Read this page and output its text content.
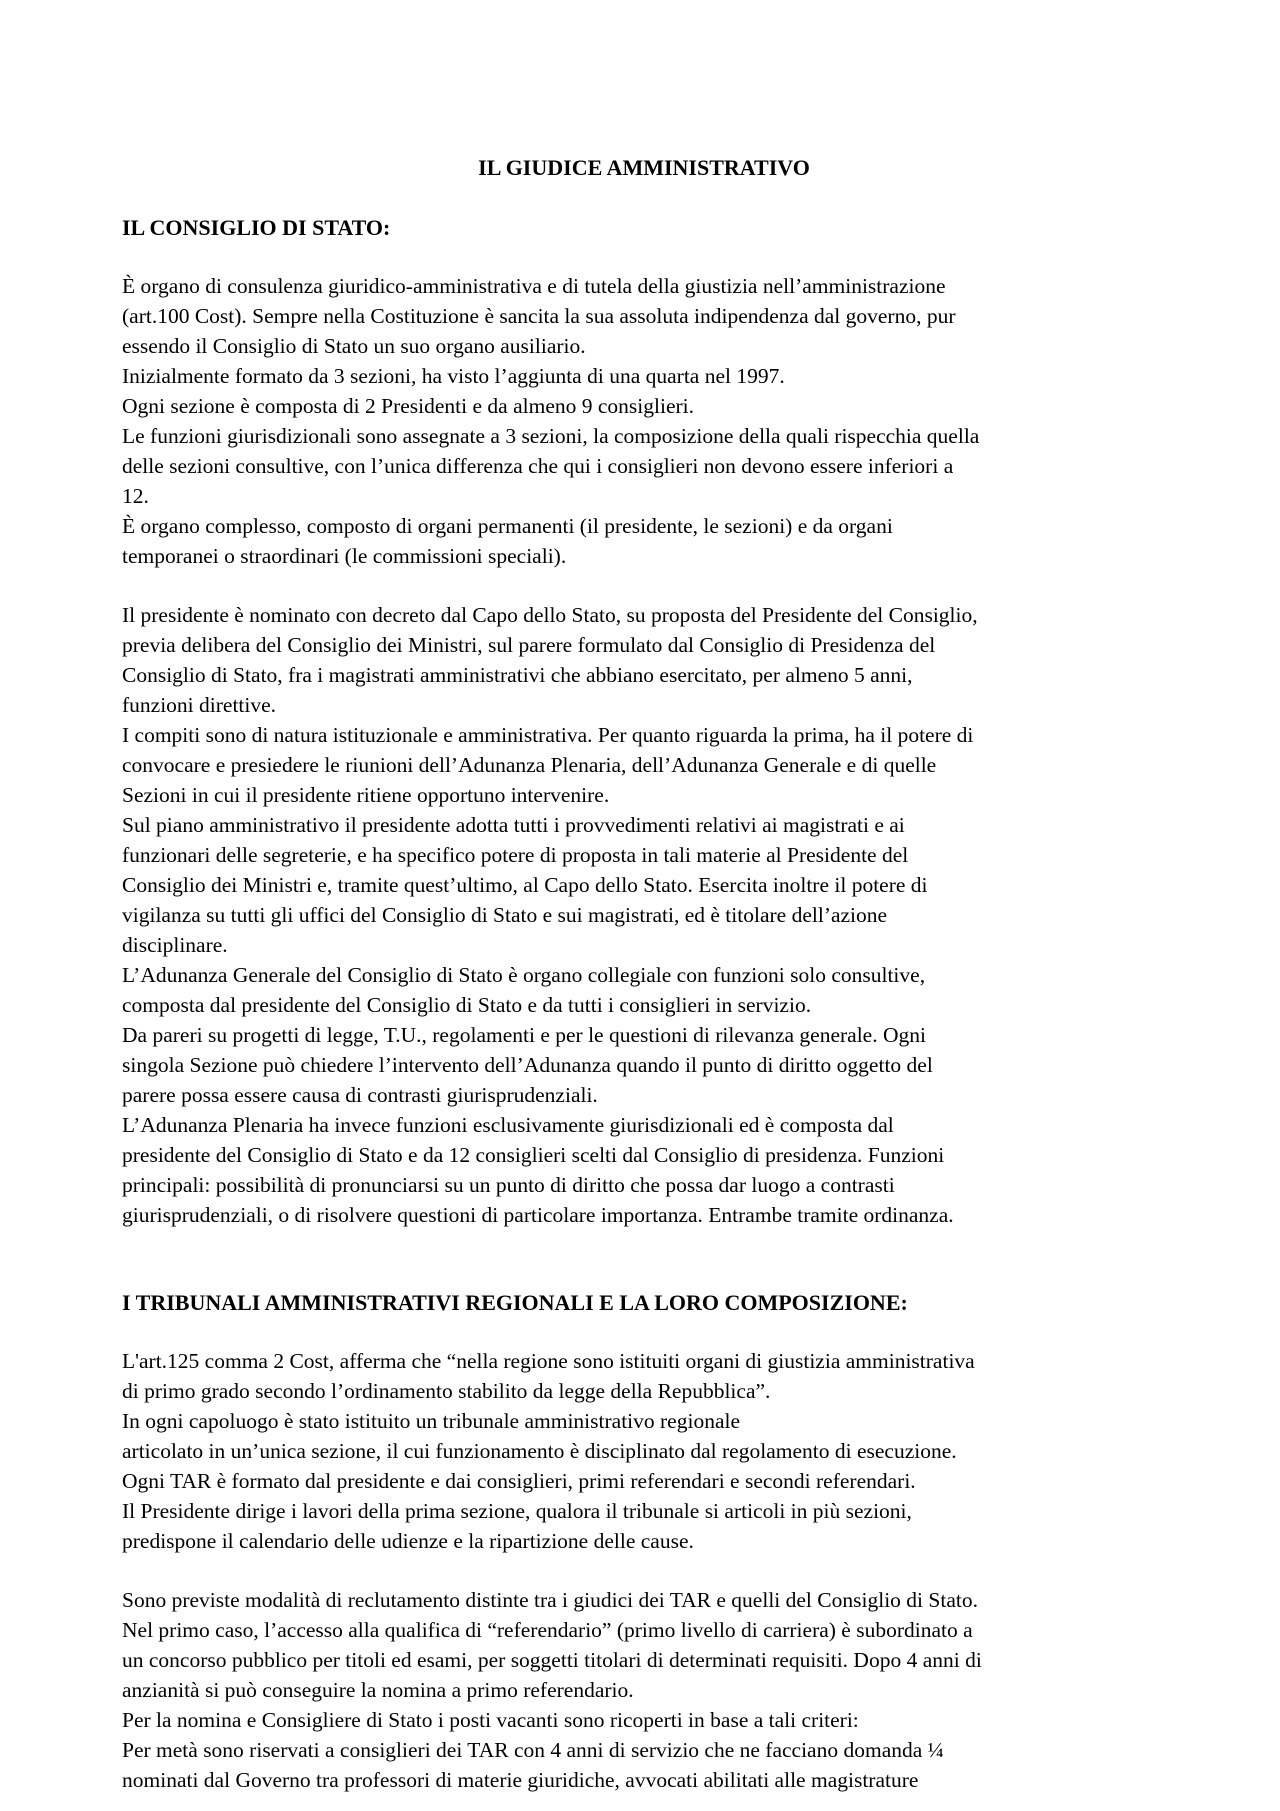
IL GIUDICE AMMINISTRATIVO
IL CONSIGLIO DI STATO:
È organo di consulenza giuridico-amministrativa e di tutela della giustizia nell’amministrazione
(art.100 Cost). Sempre nella Costituzione è sancita la sua assoluta indipendenza dal governo, pur
essendo il Consiglio di Stato un suo organo ausiliario.
Inizialmente formato da 3 sezioni, ha visto l’aggiunta di una quarta nel 1997.
Ogni sezione è composta di 2 Presidenti e da almeno 9 consiglieri.
Le funzioni giurisdizionali sono assegnate a 3 sezioni, la composizione della quali rispecchia quella
delle sezioni consultive, con l’unica differenza che qui i consiglieri non devono essere inferiori a
12.
È organo complesso, composto di organi permanenti (il presidente, le sezioni) e da organi
temporanei o straordinari (le commissioni speciali).
Il presidente è nominato con decreto dal Capo dello Stato, su proposta del Presidente del Consiglio,
previa delibera del Consiglio dei Ministri, sul parere formulato dal Consiglio di Presidenza del
Consiglio di Stato, fra i magistrati amministrativi che abbiano esercitato, per almeno 5 anni,
funzioni direttive.
I compiti sono di natura istituzionale e amministrativa. Per quanto riguarda la prima, ha il potere di
convocare e presiedere le riunioni dell’Adunanza Plenaria, dell’Adunanza Generale e di quelle
Sezioni in cui il presidente ritiene opportuno intervenire.
Sul piano amministrativo il presidente adotta tutti i provvedimenti relativi ai magistrati e ai
funzionari delle segreterie, e ha specifico potere di proposta in tali materie al Presidente del
Consiglio dei Ministri e, tramite quest’ultimo, al Capo dello Stato. Esercita inoltre il potere di
vigilanza su tutti gli uffici del Consiglio di Stato e sui magistrati, ed è titolare dell’azione
disciplinare.
L’Adunanza Generale del Consiglio di Stato è organo collegiale con funzioni solo consultive,
composta dal presidente del Consiglio di Stato e da tutti i consiglieri in servizio.
Da pareri su progetti di legge, T.U., regolamenti e per le questioni di rilevanza generale. Ogni
singola Sezione può chiedere l’intervento dell’Adunanza quando il punto di diritto oggetto del
parere possa essere causa di contrasti giurisprudenziali.
L’Adunanza Plenaria ha invece funzioni esclusivamente giurisdizionali ed è composta dal
presidente del Consiglio di Stato e da 12 consiglieri scelti dal Consiglio di presidenza. Funzioni
principali: possibilità di pronunciarsi su un punto di diritto che possa dar luogo a contrasti
giurisprudenziali, o di risolvere questioni di particolare importanza. Entrambe tramite ordinanza.
I TRIBUNALI AMMINISTRATIVI REGIONALI E LA LORO COMPOSIZIONE:
L'art.125 comma 2 Cost, afferma che “nella regione sono istituiti organi di giustizia amministrativa
di primo grado secondo l’ordinamento stabilito da legge della Repubblica”.
In ogni capoluogo è stato istituito un tribunale amministrativo regionale
articolato in un’unica sezione, il cui funzionamento è disciplinato dal regolamento di esecuzione.
Ogni TAR è formato dal presidente e dai consiglieri, primi referendari e secondi referendari.
Il Presidente dirige i lavori della prima sezione, qualora il tribunale si articoli in più sezioni,
predispone il calendario delle udienze e la ripartizione delle cause.
Sono previste modalità di reclutamento distinte tra i giudici dei TAR e quelli del Consiglio di Stato.
Nel primo caso, l’accesso alla qualifica di “referendario” (primo livello di carriera) è subordinato a
un concorso pubblico per titoli ed esami, per soggetti titolari di determinati requisiti. Dopo 4 anni di
anzianità si può conseguire la nomina a primo referendario.
Per la nomina e Consigliere di Stato i posti vacanti sono ricoperti in base a tali criteri:
Per metà sono riservati a consiglieri dei TAR con 4 anni di servizio che ne facciano domanda ¼
nominati dal Governo tra professori di materie giuridiche, avvocati abilitati alle magistrature
